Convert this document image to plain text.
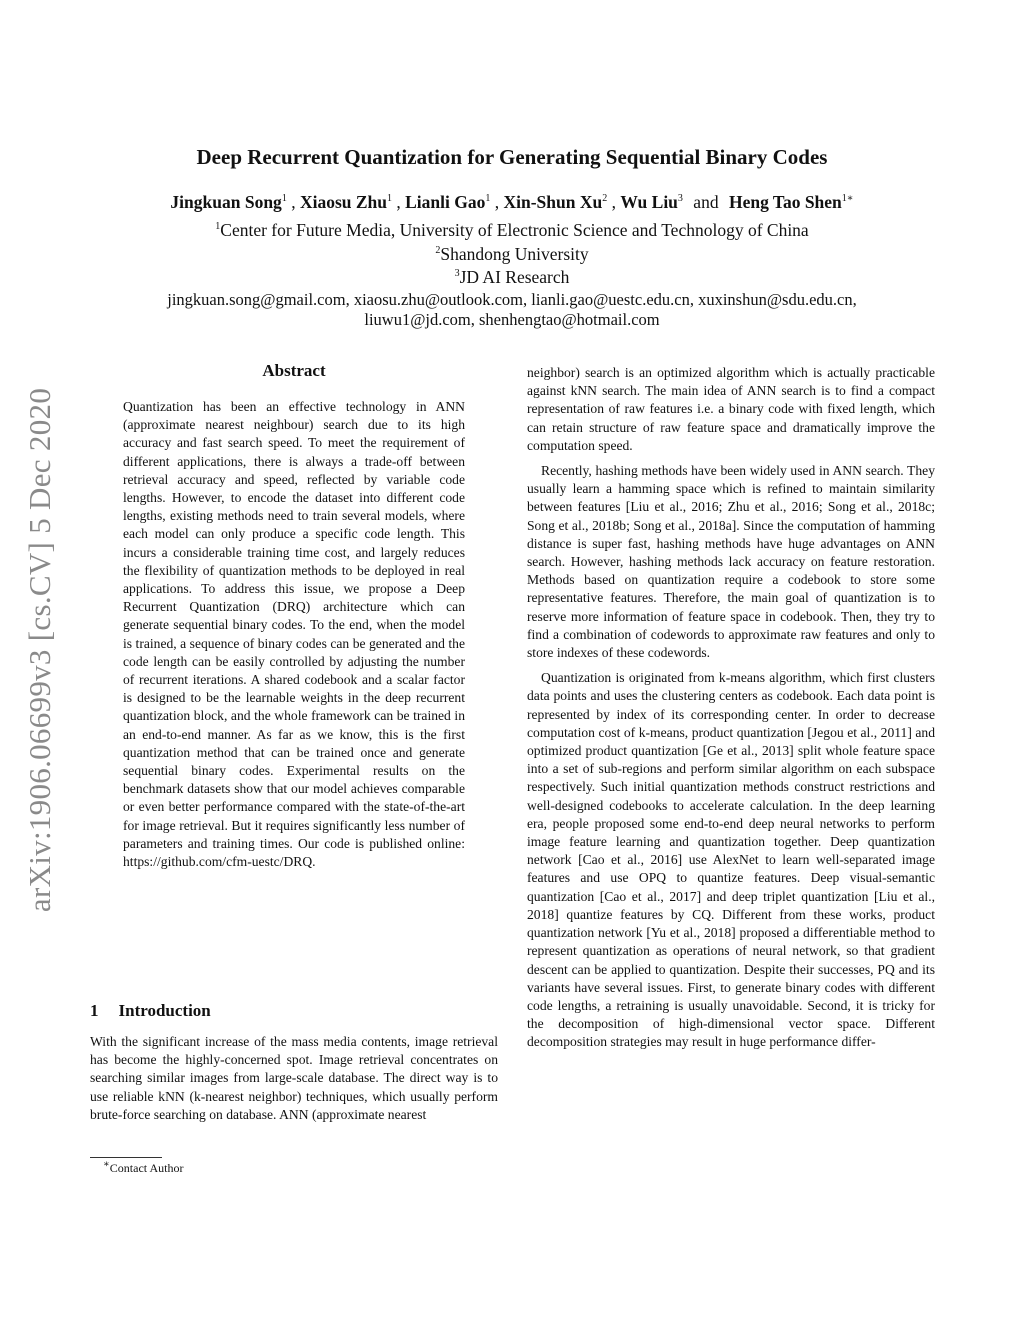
arXiv:1906.06699v3 [cs.CV] 5 Dec 2020
Deep Recurrent Quantization for Generating Sequential Binary Codes
Jingkuan Song$^1$ , Xiaosu Zhu$^1$ , Lianli Gao$^1$ , Xin-Shun Xu$^2$ , Wu Liu$^3$ and Heng Tao Shen$^{1∗}$
$^1$Center for Future Media, University of Electronic Science and Technology of China
$^2$Shandong University
$^3$JD AI Research
jingkuan.song@gmail.com, xiaosu.zhu@outlook.com, lianli.gao@uestc.edu.cn, xuxinshun@sdu.edu.cn,
liuwu1@jd.com, shenhengtao@hotmail.com
Abstract

Quantization has been an effective technology in ANN (approximate nearest neighbour) search due to its high accuracy and fast search speed. To meet the requirement of different applications, there is always a trade-off between retrieval accuracy and speed, reflected by variable code lengths. However, to encode the dataset into different code lengths, existing methods need to train several models, where each model can only produce a specific code length. This incurs a considerable training time cost, and largely reduces the flexibility of quantization methods to be deployed in real applications. To address this issue, we propose a Deep Recurrent Quantization (DRQ) architecture which can generate sequential binary codes. To the end, when the model is trained, a sequence of binary codes can be generated and the code length can be easily controlled by adjusting the number of recurrent iterations. A shared codebook and a scalar factor is designed to be the learnable weights in the deep recurrent quantization block, and the whole framework can be trained in an end-to-end manner. As far as we know, this is the first quantization method that can be trained once and generate sequential binary codes. Experimental results on the benchmark datasets show that our model achieves comparable or even better performance compared with the state-of-the-art for image retrieval. But it requires significantly less number of parameters and training times. Our code is published online: https://github.com/cfm-uestc/DRQ.

1 Introduction

With the significant increase of the mass media contents, image retrieval has become the highly-concerned spot. Image retrieval concentrates on searching similar images from large-scale database. The direct way is to use reliable kNN (k-nearest neighbor) techniques, which usually perform brute-force searching on database. ANN (approximate nearest

∗Contact Author

neighbor) search is an optimized algorithm which is actually practicable against kNN search. The main idea of ANN search is to find a compact representation of raw features i.e. a binary code with fixed length, which can retain structure of raw feature space and dramatically improve the computation speed.

Recently, hashing methods have been widely used in ANN search. They usually learn a hamming space which is refined to maintain similarity between features [Liu et al., 2016; Zhu et al., 2016; Song et al., 2018c; Song et al., 2018b; Song et al., 2018a]. Since the computation of hamming distance is super fast, hashing methods have huge advantages on ANN search. However, hashing methods lack accuracy on feature restoration. Methods based on quantization require a codebook to store some representative features. Therefore, the main goal of quantization is to reserve more information of feature space in codebook. Then, they try to find a combination of codewords to approximate raw features and only to store indexes of these codewords.

Quantization is originated from k-means algorithm, which first clusters data points and uses the clustering centers as codebook. Each data point is represented by index of its corresponding center. In order to decrease computation cost of k-means, product quantization [Jegou et al., 2011] and optimized product quantization [Ge et al., 2013] split whole feature space into a set of sub-regions and perform similar algorithm on each subspace respectively. Such initial quantization methods construct restrictions and well-designed codebooks to accelerate calculation. In the deep learning era, people proposed some end-to-end deep neural networks to perform image feature learning and quantization together. Deep quantization network [Cao et al., 2016] use AlexNet to learn well-separated image features and use OPQ to quantize features. Deep visual-semantic quantization [Cao et al., 2017] and deep triplet quantization [Liu et al., 2018] quantize features by CQ. Different from these works, product quantization network [Yu et al., 2018] proposed a differentiable method to represent quantization as operations of neural network, so that gradient descent can be applied to quantization. Despite their successes, PQ and its variants have several issues. First, to generate binary codes with different code lengths, a retraining is usually unavoidable. Second, it is tricky for the decomposition of high-dimensional vector space. Different decomposition strategies may result in huge performance differ-
